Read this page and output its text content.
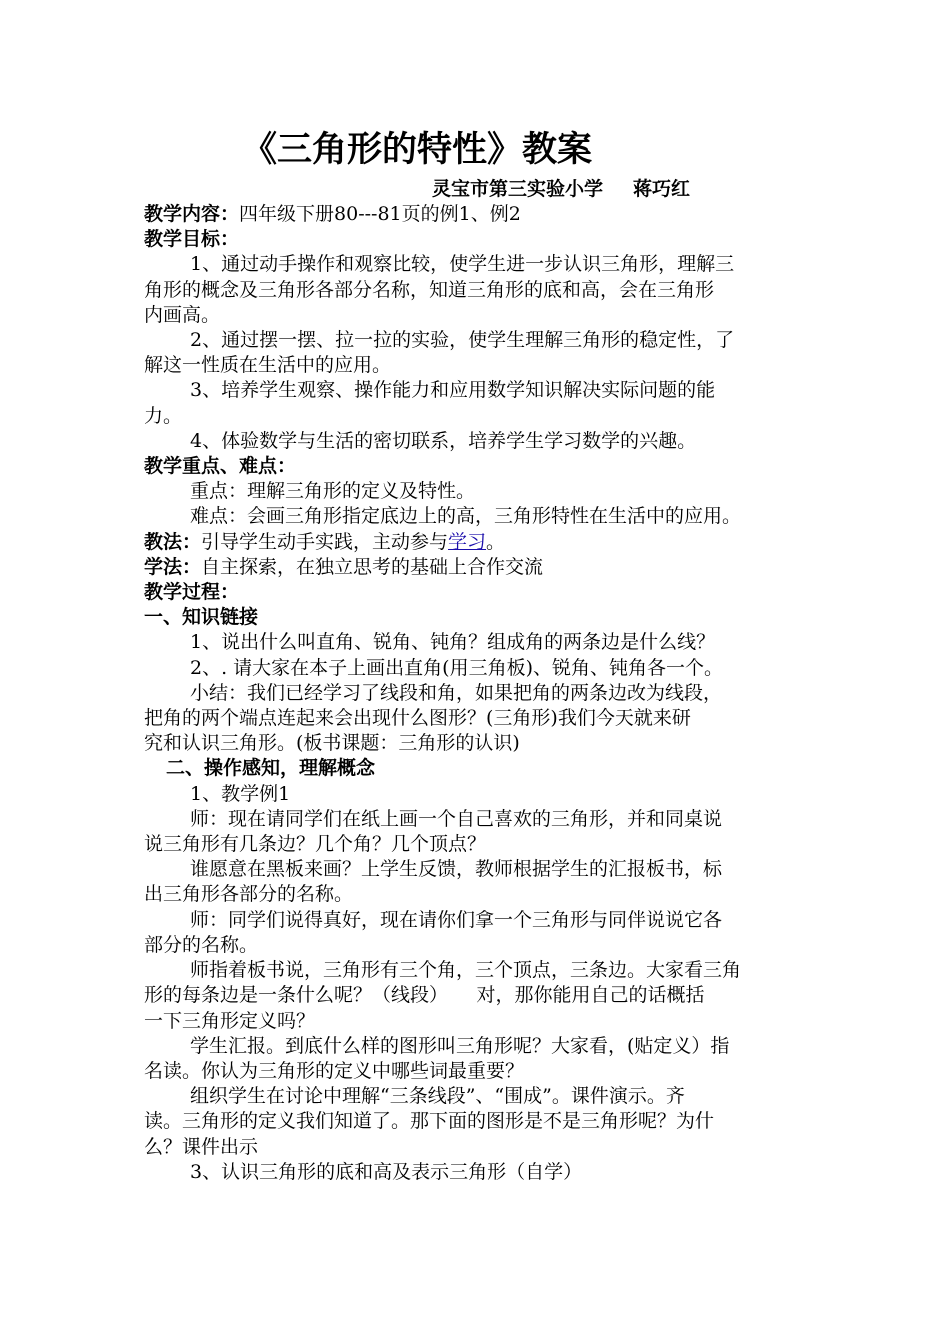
《三角形的特性》教案
灵宝市第三实验小学 蒋巧红

教学内容：四年级下册80---81页的例1、例2

教学目标：

1、通过动手操作和观察比较，使学生进一步认识三角形，理解三

角形的概念及三角形各部分名称，知道三角形的底和高，会在三角形

内画高。

2、通过摆一摆、拉一拉的实验，使学生理解三角形的稳定性，了

解这一性质在生活中的应用。

3、培养学生观察、操作能力和应用数学知识解决实际问题的能

力。

4、体验数学与生活的密切联系，培养学生学习数学的兴趣。

教学重点、难点：

重点：理解三角形的定义及特性。

难点：会画三角形指定底边上的高，三角形特性在生活中的应用。

教法：引导学生动手实践，主动参与学习。

学法：自主探索，在独立思考的基础上合作交流

教学过程：

一、知识链接

1、说出什么叫直角、锐角、钝角？组成角的两条边是什么线？

2、. 请大家在本子上画出直角(用三角板)、锐角、钝角各一个。

小结：我们已经学习了线段和角，如果把角的两条边改为线段，

把角的两个端点连起来会出现什么图形？(三角形)我们今天就来研

究和认识三角形。(板书课题：三角形的认识)

二、操作感知，理解概念

1、教学例1

师：现在请同学们在纸上画一个自己喜欢的三角形，并和同桌说

说三角形有几条边？几个角？几个顶点？

谁愿意在黑板来画？上学生反馈，教师根据学生的汇报板书，标

出三角形各部分的名称。

师：同学们说得真好，现在请你们拿一个三角形与同伴说说它各

部分的名称。

师指着板书说，三角形有三个角，三个顶点，三条边。大家看三角

形的每条边是一条什么呢？（线段）　　对，那你能用自己的话概括

一下三角形定义吗？

学生汇报。到底什么样的图形叫三角形呢？大家看，(贴定义）指

名读。你认为三角形的定义中哪些词最重要？

组织学生在讨论中理解“三条线段”、“围成”。课件演示。齐

读。三角形的定义我们知道了。那下面的图形是不是三角形呢？为什

么？课件出示

3、认识三角形的底和高及表示三角形（自学）
